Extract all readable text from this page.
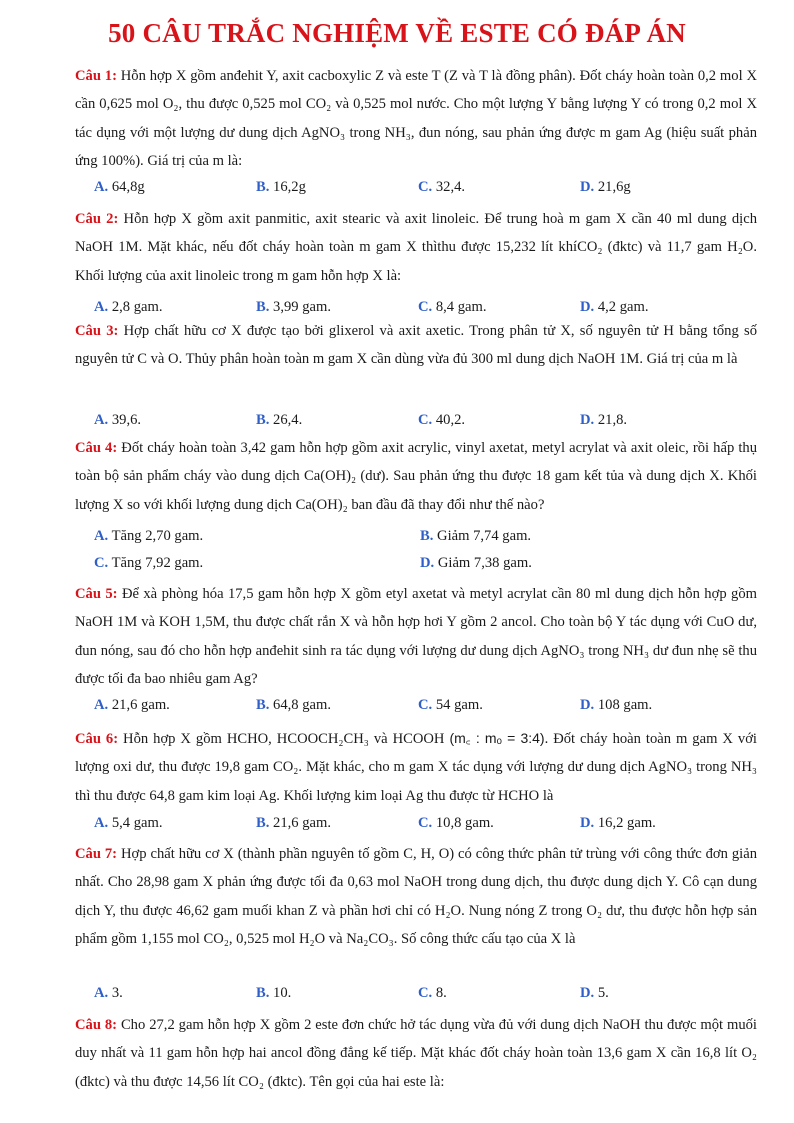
50 CÂU TRẮC NGHIỆM VỀ ESTE CÓ ĐÁP ÁN
Câu 1: Hỗn hợp X gồm anđehit Y, axit cacboxylic Z và este T (Z và T là đồng phân). Đốt cháy hoàn toàn 0,2 mol X cần 0,625 mol O₂, thu được 0,525 mol CO₂ và 0,525 mol nước. Cho một lượng Y bằng lượng Y có trong 0,2 mol X tác dụng với một lượng dư dung dịch AgNO₃ trong NH₃, đun nóng, sau phản ứng được m gam Ag (hiệu suất phản ứng 100%). Giá trị của m là:
A. 64,8g	B. 16,2g	C. 32,4.	D. 21,6g
Câu 2: Hỗn hợp X gồm axit panmitic, axit stearic và axit linoleic. Để trung hoà m gam X cần 40 ml dung dịch NaOH 1M. Mặt khác, nếu đốt cháy hoàn toàn m gam X thìthu được 15,232 lít khíCO₂ (đktc) và 11,7 gam H₂O. Khối lượng của axit linoleic trong m gam hỗn hợp X là:
A. 2,8 gam.	B. 3,99 gam.	C. 8,4 gam.	D. 4,2 gam.
Câu 3: Hợp chất hữu cơ X được tạo bởi glixerol và axit axetic. Trong phân tử X, số nguyên tử H bằng tổng số nguyên tử C và O. Thủy phân hoàn toàn m gam X cần dùng vừa đủ 300 ml dung dịch NaOH 1M. Giá trị của m là
A. 39,6.	B. 26,4.	C. 40,2.	D. 21,8.
Câu 4: Đốt cháy hoàn toàn 3,42 gam hỗn hợp gồm axit acrylic, vinyl axetat, metyl acrylat và axit oleic, rồi hấp thụ toàn bộ sản phẩm cháy vào dung dịch Ca(OH)₂ (dư). Sau phản ứng thu được 18 gam kết tủa và dung dịch X. Khối lượng X so với khối lượng dung dịch Ca(OH)₂ ban đầu đã thay đổi như thế nào?
A. Tăng 2,70 gam.	B. Giảm 7,74 gam.
C. Tăng 7,92 gam.	D. Giảm 7,38 gam.
Câu 5: Để xà phòng hóa 17,5 gam hỗn hợp X gồm etyl axetat và metyl acrylat cần 80 ml dung dịch hỗn hợp gồm NaOH 1M và KOH 1,5M, thu được chất rắn X và hỗn hợp hơi Y gồm 2 ancol. Cho toàn bộ Y tác dụng với CuO dư, đun nóng, sau đó cho hỗn hợp anđehit sinh ra tác dụng với lượng dư dung dịch AgNO₃ trong NH₃ dư đun nhẹ sẽ thu được tối đa bao nhiêu gam Ag?
A. 21,6 gam.	B. 64,8 gam.	C. 54 gam.	D. 108 gam.
Câu 6: Hỗn hợp X gồm HCHO, HCOOCH₂CH₃ và HCOOH (m꜀ : mₒ = 3:4). Đốt cháy hoàn toàn m gam X với lượng oxi dư, thu được 19,8 gam CO₂. Mặt khác, cho m gam X tác dụng với lượng dư dung dịch AgNO₃ trong NH₃ thì thu được 64,8 gam kim loại Ag. Khối lượng kim loại Ag thu được từ HCHO là
A. 5,4 gam.	B. 21,6 gam.	C. 10,8 gam.	D. 16,2 gam.
Câu 7: Hợp chất hữu cơ X (thành phần nguyên tố gồm C, H, O) có công thức phân tử trùng với công thức đơn giản nhất. Cho 28,98 gam X phản ứng được tối đa 0,63 mol NaOH trong dung dịch, thu được dung dịch Y. Cô cạn dung dịch Y, thu được 46,62 gam muối khan Z và phần hơi chỉ có H₂O. Nung nóng Z trong O₂ dư, thu được hỗn hợp sản phẩm gồm 1,155 mol CO₂, 0,525 mol H₂O và Na₂CO₃. Số công thức cấu tạo của X là
A. 3.	B. 10.	C. 8.	D. 5.
Câu 8: Cho 27,2 gam hỗn hợp X gồm 2 este đơn chức hở tác dụng vừa đủ với dung dịch NaOH thu được một muối duy nhất và 11 gam hỗn hợp hai ancol đồng đẳng kế tiếp. Mặt khác đốt cháy hoàn toàn 13,6 gam X cần 16,8 lít O₂ (đktc) và thu được 14,56 lít CO₂ (đktc). Tên gọi của hai este là:
